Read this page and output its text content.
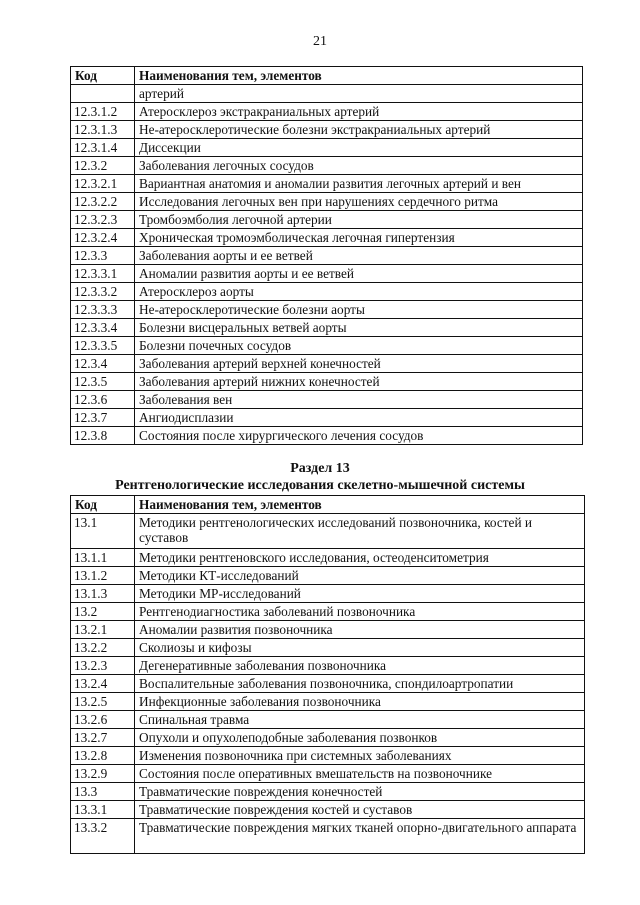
21
Код	Наименования тем, элементов
	артерий
12.3.1.2	Атеросклероз экстракраниальных артерий
12.3.1.3	Не-атеросклеротические болезни экстракраниальных артерий
12.3.1.4	Диссекции
12.3.2	Заболевания легочных сосудов
12.3.2.1	Вариантная анатомия и аномалии развития легочных артерий и вен
12.3.2.2	Исследования легочных вен при нарушениях сердечного ритма
12.3.2.3	Тромбоэмболия легочной артерии
12.3.2.4	Хроническая тромоэмболическая легочная гипертензия
12.3.3	Заболевания аорты и ее ветвей
12.3.3.1	Аномалии развития аорты и ее ветвей
12.3.3.2	Атеросклероз аорты
12.3.3.3	Не-атеросклеротические болезни аорты
12.3.3.4	Болезни висцеральных ветвей аорты
12.3.3.5	Болезни почечных сосудов
12.3.4	Заболевания артерий верхней конечностей
12.3.5	Заболевания артерий нижних конечностей
12.3.6	Заболевания вен
12.3.7	Ангиодисплазии
12.3.8	Состояния после хирургического лечения сосудов
Раздел 13
Рентгенологические исследования скелетно-мышечной системы
Код	Наименования тем, элементов
13.1	Методики рентгенологических исследований позвоночника, костей и суставов
13.1.1	Методики рентгеновского исследования, остеоденситометрия
13.1.2	Методики КТ-исследований
13.1.3	Методики МР-исследований
13.2	Рентгенодиагностика заболеваний позвоночника
13.2.1	Аномалии развития позвоночника
13.2.2	Сколиозы и кифозы
13.2.3	Дегенеративные заболевания позвоночника
13.2.4	Воспалительные заболевания позвоночника, спондилоартропатии
13.2.5	Инфекционные заболевания позвоночника
13.2.6	Спинальная травма
13.2.7	Опухоли и опухолеподобные заболевания позвонков
13.2.8	Изменения позвоночника при системных заболеваниях
13.2.9	Состояния после оперативных вмешательств на позвоночнике
13.3	Травматические повреждения конечностей
13.3.1	Травматические повреждения костей и суставов
13.3.2	Травматические повреждения мягких тканей опорно-двигательного аппарата
